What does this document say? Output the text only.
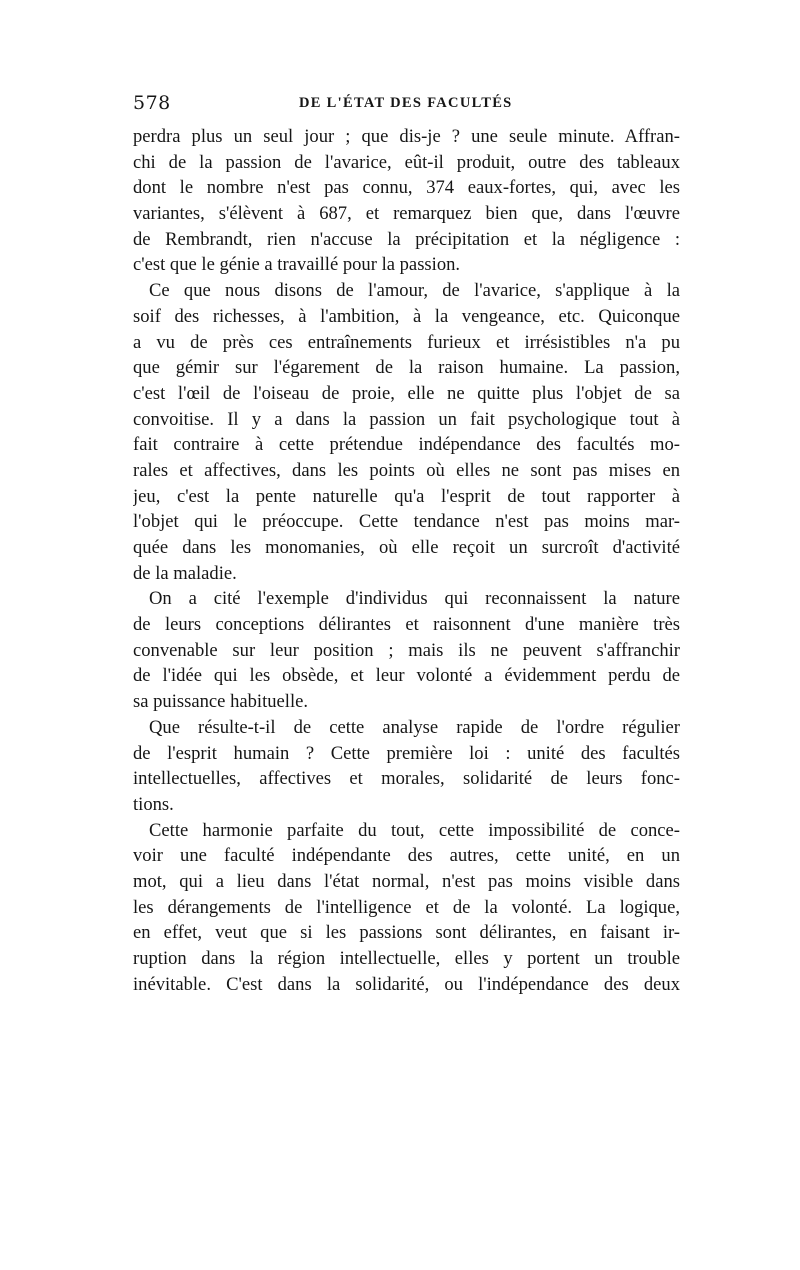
578	DE L'ÉTAT DES FACULTÉS
perdra plus un seul jour ; que dis-je ? une seule minute. Affran-
chi de la passion de l'avarice, eût-il produit, outre des tableaux
dont le nombre n'est pas connu, 374 eaux-fortes, qui, avec les
variantes, s'élèvent à 687, et remarquez bien que, dans l'œuvre
de Rembrandt, rien n'accuse la précipitation et la négligence :
c'est que le génie a travaillé pour la passion.
Ce que nous disons de l'amour, de l'avarice, s'applique à la
soif des richesses, à l'ambition, à la vengeance, etc. Quiconque
a vu de près ces entraînements furieux et irrésistibles n'a pu
que gémir sur l'égarement de la raison humaine. La passion,
c'est l'œil de l'oiseau de proie, elle ne quitte plus l'objet de sa
convoitise. Il y a dans la passion un fait psychologique tout à
fait contraire à cette prétendue indépendance des facultés mo-
rales et affectives, dans les points où elles ne sont pas mises en
jeu, c'est la pente naturelle qu'a l'esprit de tout rapporter à
l'objet qui le préoccupe. Cette tendance n'est pas moins mar-
quée dans les monomanies, où elle reçoit un surcroît d'activité
de la maladie.
On a cité l'exemple d'individus qui reconnaissent la nature
de leurs conceptions délirantes et raisonnent d'une manière très
convenable sur leur position ; mais ils ne peuvent s'affranchir
de l'idée qui les obsède, et leur volonté a évidemment perdu de
sa puissance habituelle.
Que résulte-t-il de cette analyse rapide de l'ordre régulier
de l'esprit humain ? Cette première loi : unité des facultés
intellectuelles, affectives et morales, solidarité de leurs fonc-
tions.
Cette harmonie parfaite du tout, cette impossibilité de conce-
voir une faculté indépendante des autres, cette unité, en un
mot, qui a lieu dans l'état normal, n'est pas moins visible dans
les dérangements de l'intelligence et de la volonté. La logique,
en effet, veut que si les passions sont délirantes, en faisant ir-
ruption dans la région intellectuelle, elles y portent un trouble
inévitable. C'est dans la solidarité, ou l'indépendance des deux
